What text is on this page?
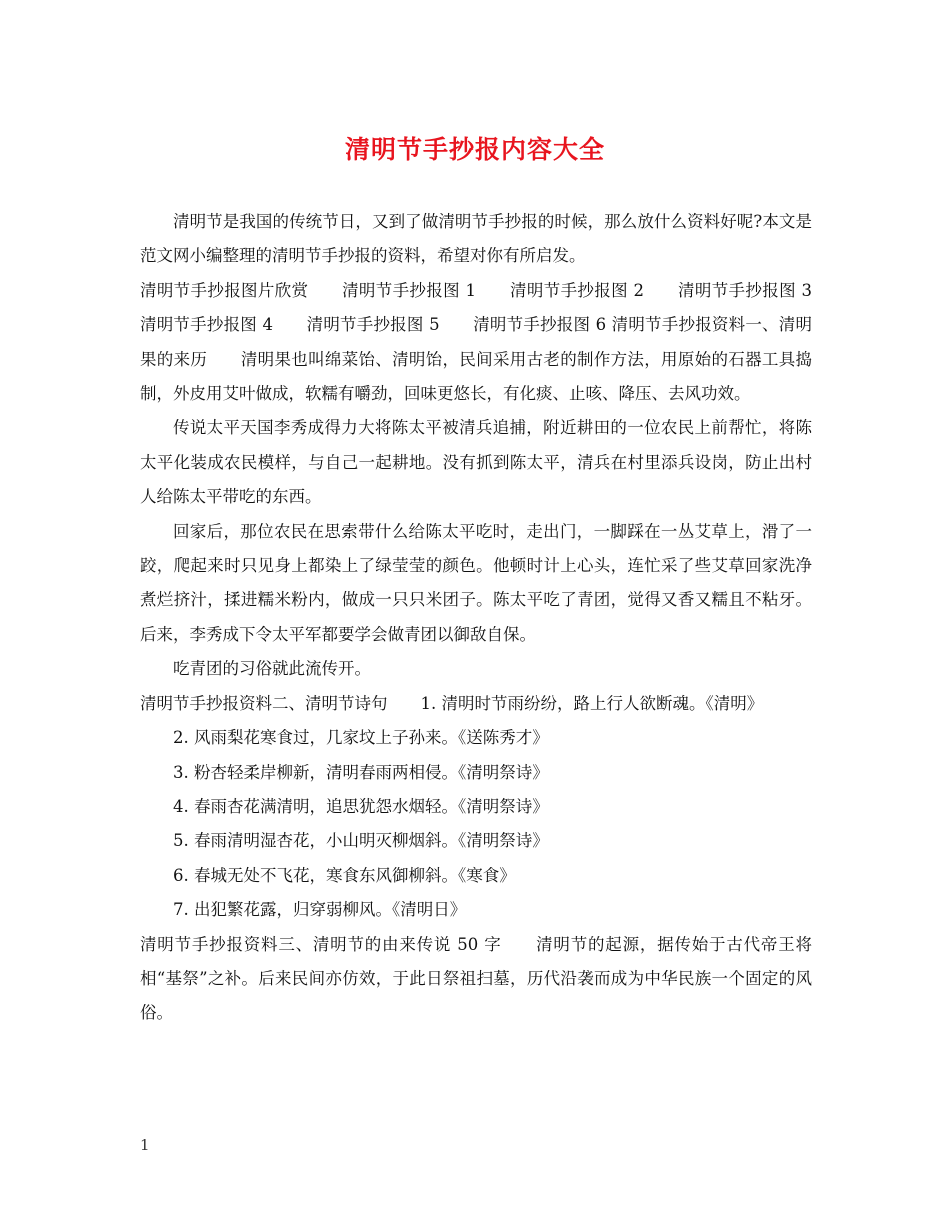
清明节手抄报内容大全

清明节是我国的传统节日，又到了做清明节手抄报的时候，那么放什么资料好呢?本文是范文网小编整理的清明节手抄报的资料，希望对你有所启发。

清明节手抄报图片欣赏　　清明节手抄报图 1　　清明节手抄报图 2　　清明节手抄报图 3　　清明节手抄报图 4　　清明节手抄报图 5　　清明节手抄报图 6 清明节手抄报资料一、清明果的来历　　清明果也叫绵菜饴、清明饴，民间采用古老的制作方法，用原始的石器工具捣制，外皮用艾叶做成，软糯有嚼劲，回味更悠长，有化痰、止咳、降压、去风功效。

传说太平天国李秀成得力大将陈太平被清兵追捕，附近耕田的一位农民上前帮忙，将陈太平化装成农民模样，与自己一起耕地。没有抓到陈太平，清兵在村里添兵设岗，防止出村人给陈太平带吃的东西。

回家后，那位农民在思索带什么给陈太平吃时，走出门，一脚踩在一丛艾草上，滑了一跤，爬起来时只见身上都染上了绿莹莹的颜色。他顿时计上心头，连忙采了些艾草回家洗净煮烂挤汁，揉进糯米粉内，做成一只只米团子。陈太平吃了青团，觉得又香又糯且不粘牙。后来，李秀成下令太平军都要学会做青团以御敌自保。

吃青团的习俗就此流传开。

清明节手抄报资料二、清明节诗句　　1. 清明时节雨纷纷，路上行人欲断魂。《清明》

2. 风雨梨花寒食过，几家坟上子孙来。《送陈秀才》

3. 粉杏轻柔岸柳新，清明春雨两相侵。《清明祭诗》

4. 春雨杏花满清明，追思犹怨水烟轻。《清明祭诗》

5. 春雨清明湿杏花，小山明灭柳烟斜。《清明祭诗》

6. 春城无处不飞花，寒食东风御柳斜。《寒食》

7. 出犯繁花露，归穿弱柳风。《清明日》

清明节手抄报资料三、清明节的由来传说 50 字　　清明节的起源，据传始于古代帝王将相“基祭”之补。后来民间亦仿效，于此日祭祖扫墓，历代沿袭而成为中华民族一个固定的风俗。

1
